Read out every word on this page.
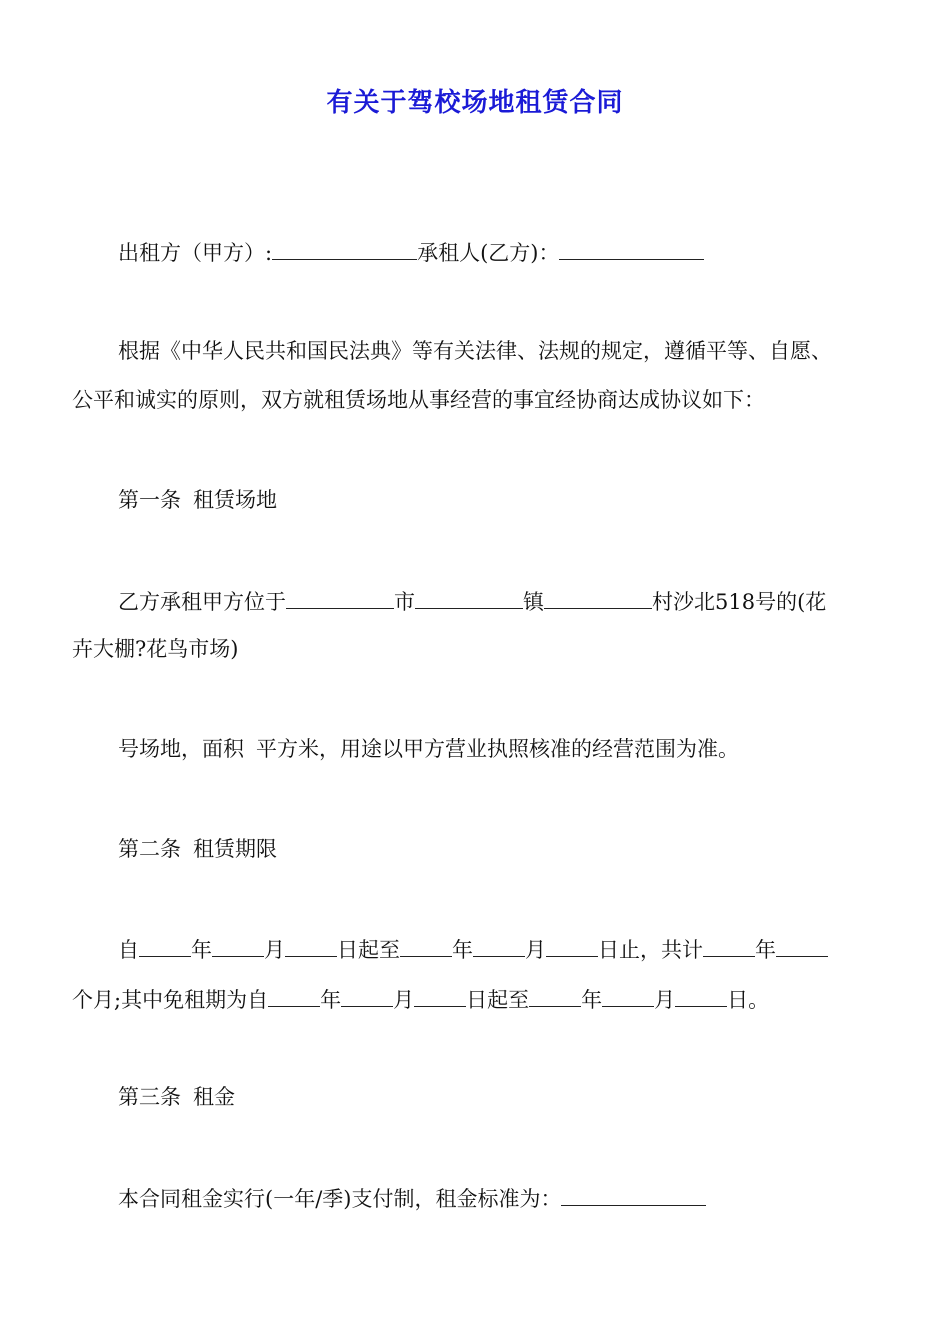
有关于驾校场地租赁合同
出租方（甲方）:	承租人(乙方)：
根据《中华人民共和国民法典》等有关法律、法规的规定，遵循平等、自愿、
公平和诚实的原则，双方就租赁场地从事经营的事宜经协商达成协议如下：
第一条 租赁场地
乙方承租甲方位于	市	镇	村沙北518号的(花
卉大棚?花鸟市场)
号场地，面积 平方米，用途以甲方营业执照核准的经营范围为准。
第二条 租赁期限
自 年 月 日起至 年 月 日止，共计 年
个月;其中免租期为自 年 月 日起至 年 月 日。
第三条 租金
本合同租金实行(一年/季)支付制，租金标准为：
